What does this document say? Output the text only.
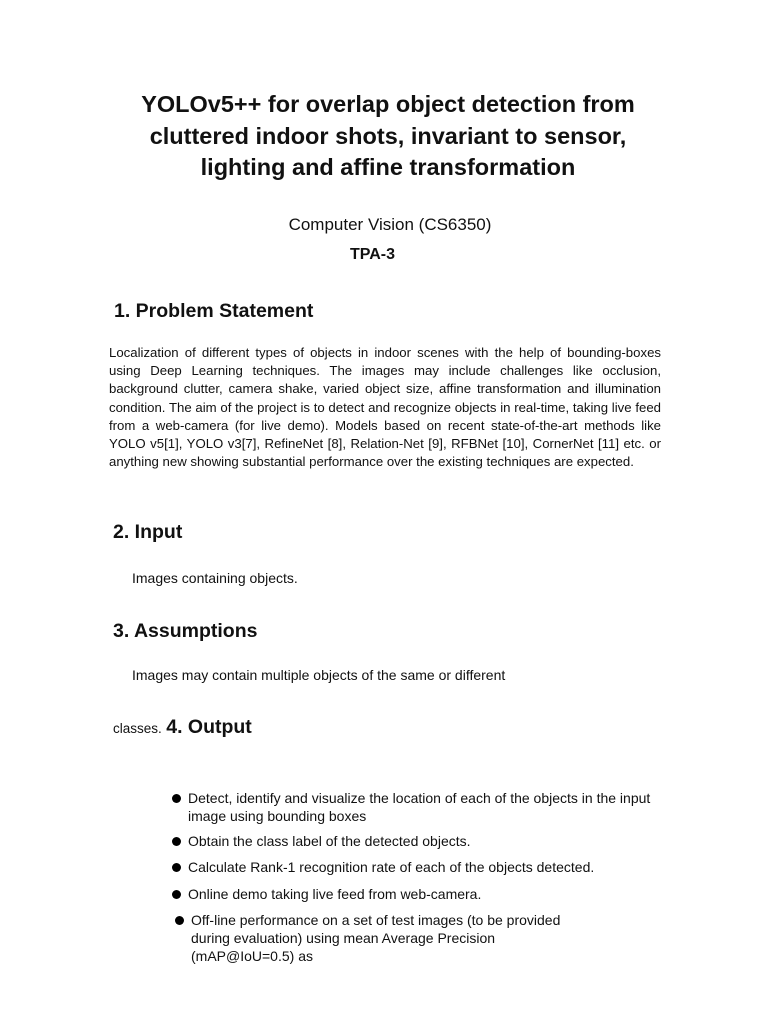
YOLOv5++ for overlap object detection from
cluttered indoor shots, invariant to sensor,
lighting and affine transformation
Computer Vision (CS6350)
TPA-3
1. Problem Statement
Localization of different types of objects in indoor scenes with the help of bounding-boxes using Deep Learning techniques. The images may include challenges like occlusion, background clutter, camera shake, varied object size, affine transformation and illumination condition. The aim of the project is to detect and recognize objects in real-time, taking live feed from a web-camera (for live demo). Models based on recent state-of-the-art methods like YOLO v5[1], YOLO v3[7], RefineNet [8], Relation-Net [9], RFBNet [10], CornerNet [11] etc. or anything new showing substantial performance over the existing techniques are expected.
2. Input
Images containing objects.
3. Assumptions
Images may contain multiple objects of the same or different
classes. 4. Output
Detect, identify and visualize the location of each of the objects in the input image using bounding boxes
Obtain the class label of the detected objects.
Calculate Rank-1 recognition rate of each of the objects detected.
Online demo taking live feed from web-camera.
Off-line performance on a set of test images (to be provided during evaluation) using mean Average Precision (mAP@IoU=0.5) as
